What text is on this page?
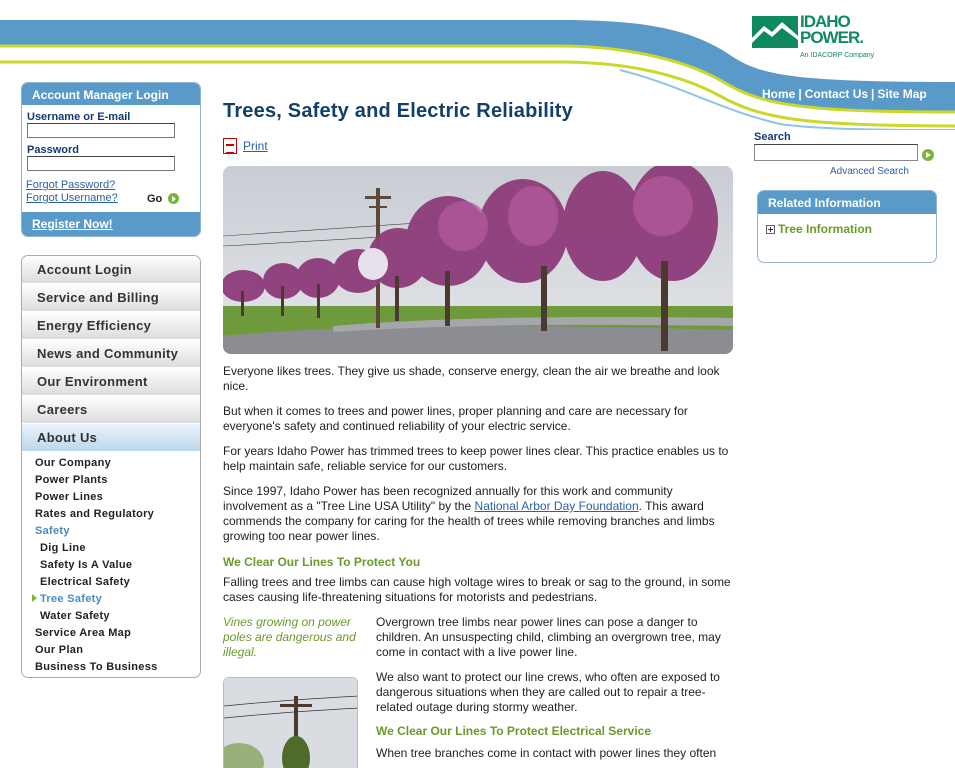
IDAHO
POWER.
An IDACORP Company
Home | Contact Us | Site Map
Account Manager Login
Username or E-mail
Password
Forgot Password?
Forgot Username?	Go
Register Now!
Account Login
Service and Billing
Energy Efficiency
News and Community
Our Environment
Careers
About Us
Our Company
Power Plants
Power Lines
Rates and Regulatory
Safety
Dig Line
Safety Is A Value
Electrical Safety
Tree Safety
Water Safety
Service Area Map
Our Plan
Business To Business
Trees, Safety and Electric Reliability
Print

Everyone likes trees. They give us shade, conserve energy, clean the air we breathe and look nice.

But when it comes to trees and power lines, proper planning and care are necessary for everyone's safety and continued reliability of your electric service.

For years Idaho Power has trimmed trees to keep power lines clear. This practice enables us to help maintain safe, reliable service for our customers.

Since 1997, Idaho Power has been recognized annually for this work and community involvement as a "Tree Line USA Utility" by the National Arbor Day Foundation. This award commends the company for caring for the health of trees while removing branches and limbs growing too near power lines.

We Clear Our Lines To Protect You

Falling trees and tree limbs can cause high voltage wires to break or sag to the ground, in some cases causing life-threatening situations for motorists and pedestrians.

Vines growing on power poles are dangerous and illegal.

Overgrown tree limbs near power lines can pose a danger to children. An unsuspecting child, climbing an overgrown tree, may come in contact with a live power line.

We also want to protect our line crews, who often are exposed to dangerous situations when they are called out to repair a tree-related outage during stormy weather.

We Clear Our Lines To Protect Electrical Service

When tree branches come in contact with power lines they often

Search
Advanced Search
Related Information
Tree Information
